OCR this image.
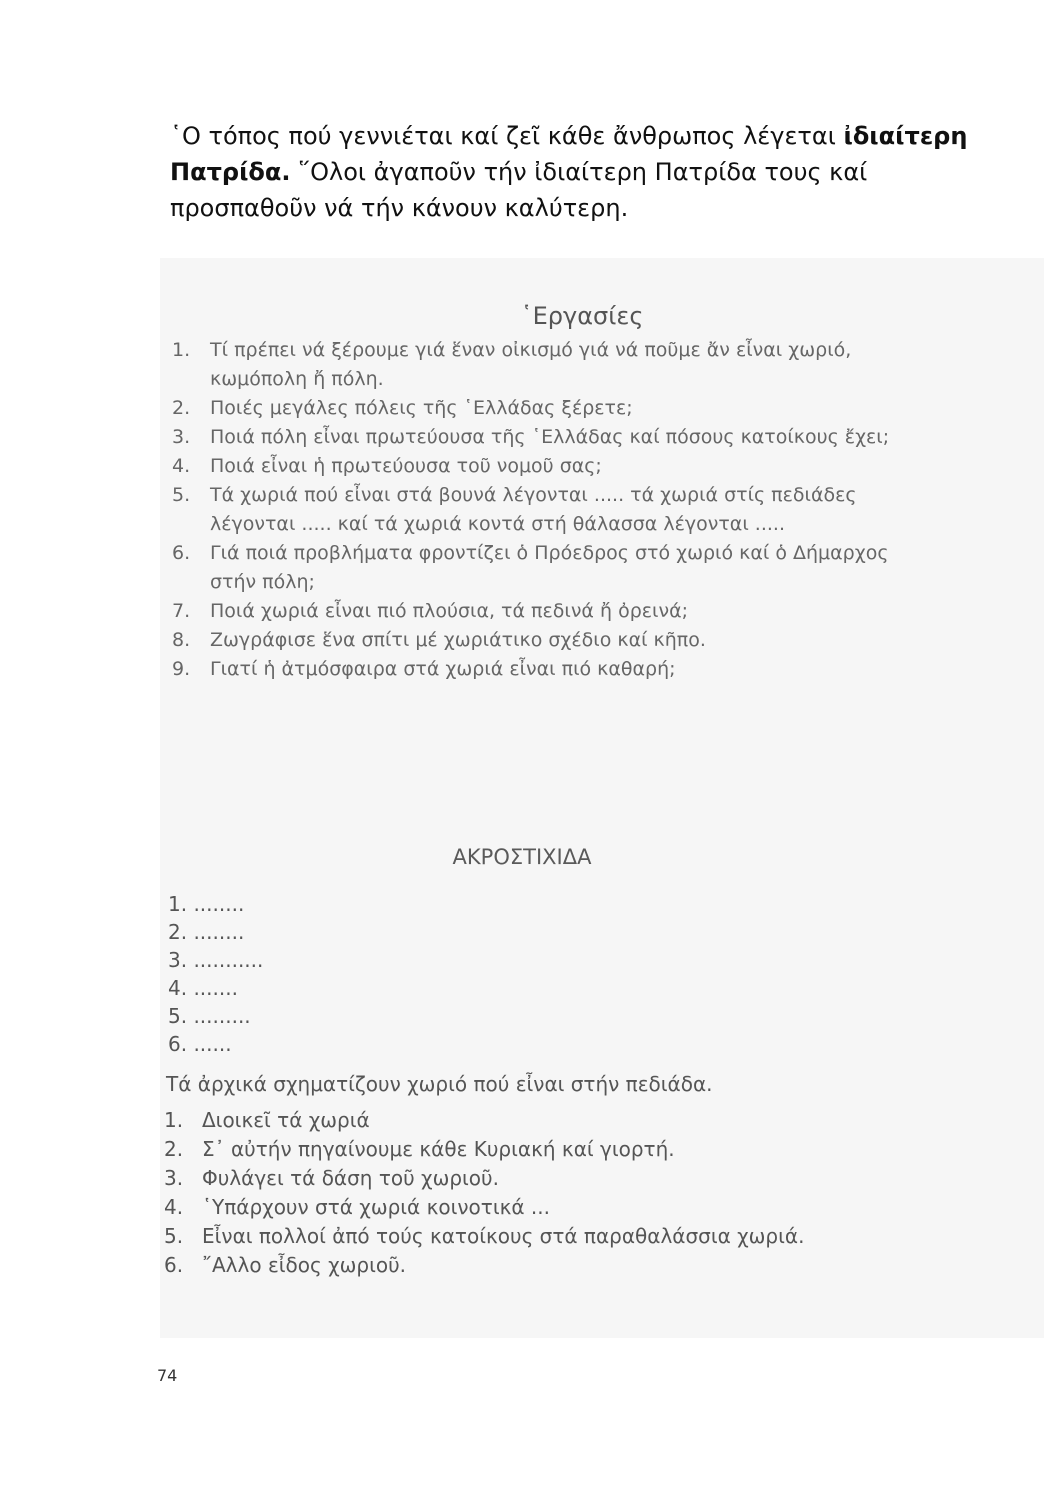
῾Ο τόπος πού γεννιέται καί ζεῖ κάθε ἄνθρωπος λέγεται ἰδιαίτερη Πατρίδα. ῞Ολοι ἀγαποῦν τήν ἰδιαίτερη Πατρίδα τους καί προσπαθοῦν νά τήν κάνουν καλύτερη.
῾Εργασίες
1. Τί πρέπει νά ξέρουμε γιά ἕναν οἰκισμό γιά νά ποῦμε ἄν εἶναι χωριό, κωμόπολη ἤ πόλη.
2. Ποιές μεγάλες πόλεις τῆς ῾Ελλάδας ξέρετε;
3. Ποιά πόλη εἶναι πρωτεύουσα τῆς ῾Ελλάδας καί πόσους κατοίκους ἔχει;
4. Ποιά εἶναι ἡ πρωτεύουσα τοῦ νομοῦ σας;
5. Τά χωριά πού εἶναι στά βουνά λέγονται ..... τά χωριά στίς πεδιάδες λέγονται ..... καί τά χωριά κοντά στή θάλασσα λέγονται .....
6. Γιά ποιά προβλήματα φροντίζει ὁ Πρόεδρος στό χωριό καί ὁ Δήμαρχος στήν πόλη;
7. Ποιά χωριά εἶναι πιό πλούσια, τά πεδινά ἤ ὀρεινά;
8. Ζωγράφισε ἕνα σπίτι μέ χωριάτικο σχέδιο καί κῆπο.
9. Γιατί ἡ ἀτμόσφαιρα στά χωριά εἶναι πιό καθαρή;
ΑΚΡΟΣΤΙΧΙΔΑ
1. ........
2. ........
3. ...........
4. .......
5. .........
6. ......
Τά ἀρχικά σχηματίζουν χωριό πού εἶναι στήν πεδιάδα.
1. Διοικεῖ τά χωριά
2. Σ᾽ αὐτήν πηγαίνουμε κάθε Κυριακή καί γιορτή.
3. Φυλάγει τά δάση τοῦ χωριοῦ.
4. ῾Υπάρχουν στά χωριά κοινοτικά ...
5. Εἶναι πολλοί ἀπό τούς κατοίκους στά παραθαλάσσια χωριά.
6. ῎Αλλο εἶδος χωριοῦ.
74
